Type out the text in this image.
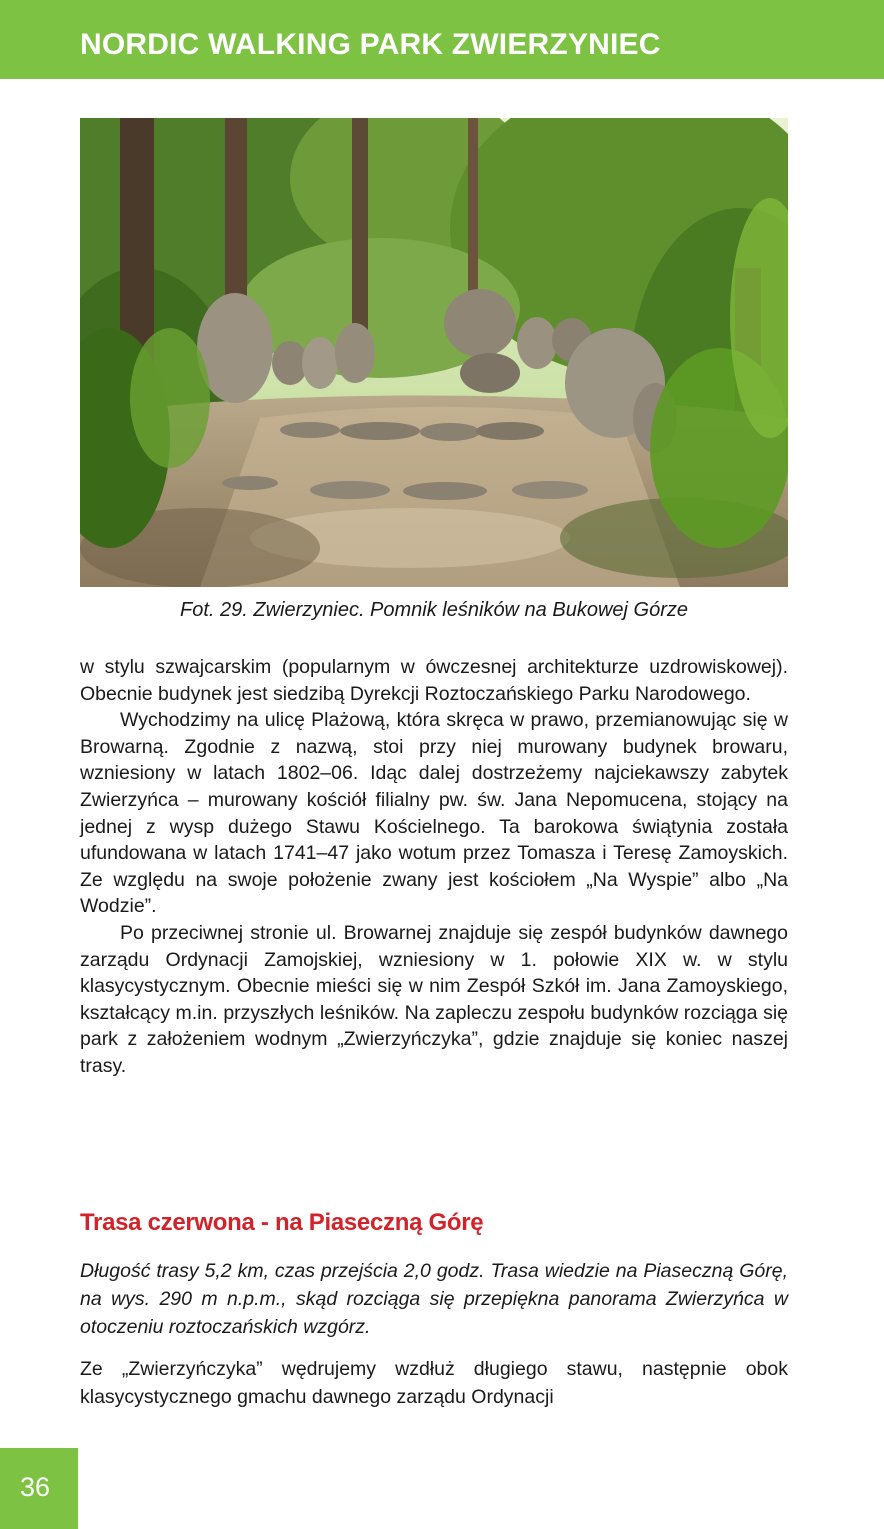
NORDIC WALKING PARK ZWIERZYNIEC
Fot. 29. Zwierzyniec. Pomnik leśników na Bukowej Górze

w stylu szwajcarskim (popularnym w ówczesnej architekturze uzdrowiskowej). Obecnie budynek jest siedzibą Dyrekcji Roztoczańskiego Parku Narodowego.

Wychodzimy na ulicę Plażową, która skręca w prawo, przemianowując się w Browarną. Zgodnie z nazwą, stoi przy niej murowany budynek browaru, wzniesiony w latach 1802–06. Idąc dalej dostrzeżemy najciekawszy zabytek Zwierzyńca – murowany kościół filialny pw. św. Jana Nepomucena, stojący na jednej z wysp dużego Stawu Kościelnego. Ta barokowa świątynia została ufundowana w latach 1741–47 jako wotum przez Tomasza i Teresę Zamoyskich. Ze względu na swoje położenie zwany jest kościołem „Na Wyspie” albo „Na Wodzie”.

Po przeciwnej stronie ul. Browarnej znajduje się zespół budynków dawnego zarządu Ordynacji Zamojskiej, wzniesiony w 1. połowie XIX w. w stylu klasycystycznym. Obecnie mieści się w nim Zespół Szkół im. Jana Zamoyskiego, kształcący m.in. przyszłych leśników. Na zapleczu zespołu budynków rozciąga się park z założeniem wodnym „Zwierzyńczyka”, gdzie znajduje się koniec naszej trasy.

Trasa czerwona - na Piaseczną Górę
Długość trasy 5,2 km, czas przejścia 2,0 godz. Trasa wiedzie na Piaseczną Górę, na wys. 290 m n.p.m., skąd rozciąga się przepiękna panorama Zwierzyńca w otoczeniu roztoczańskich wzgórz.
Ze „Zwierzyńczyka” wędrujemy wzdłuż długiego stawu, następnie obok klasycystycznego gmachu dawnego zarządu Ordynacji
36
